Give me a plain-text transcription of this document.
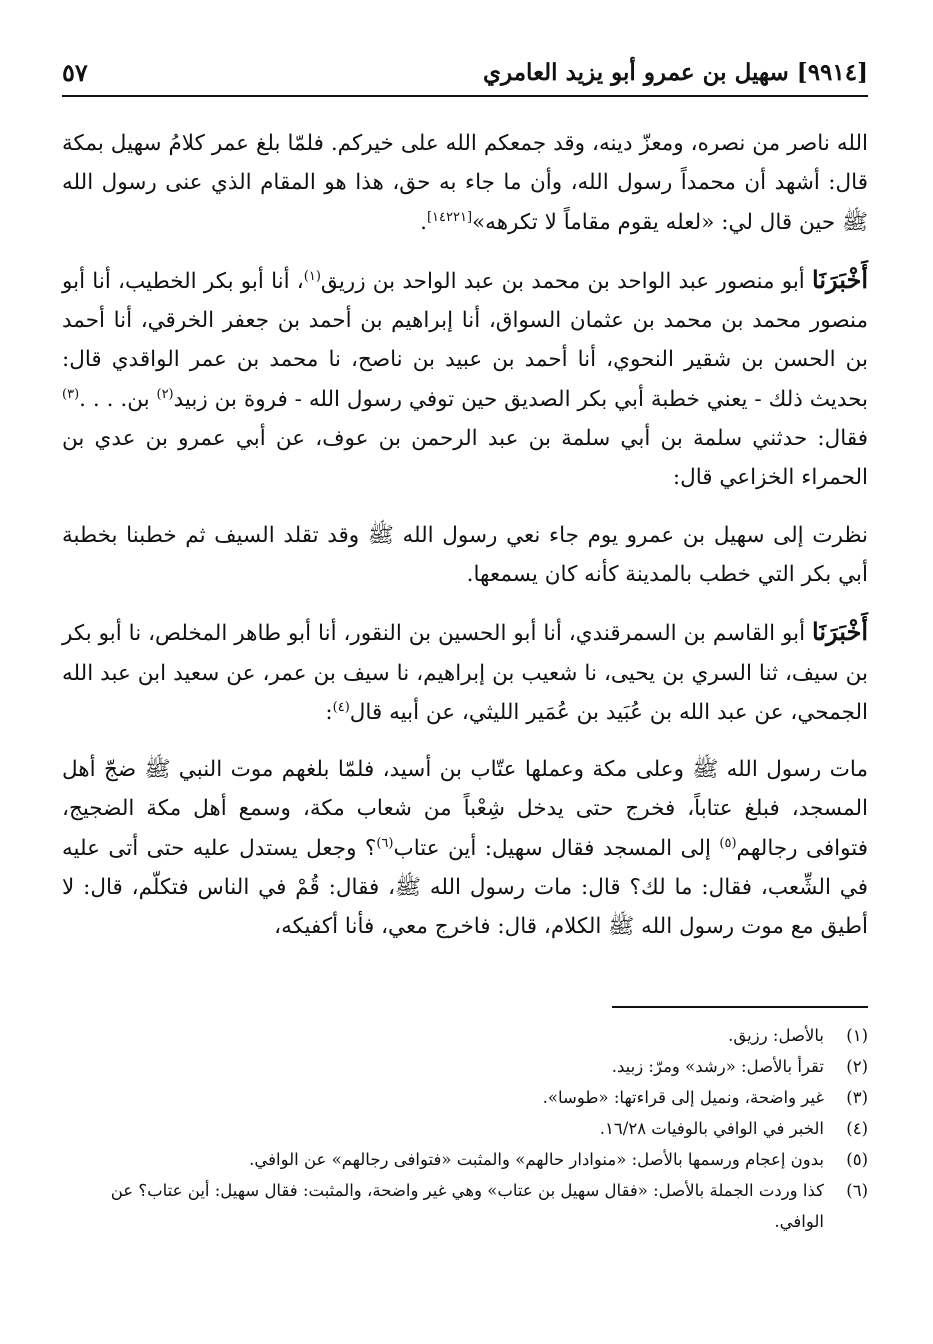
٥٧	[٩٩١٤] سهيل بن عمرو أبو يزيد العامري

الله ناصر من نصره، ومعزّ دينه، وقد جمعكم الله على خيركم. فلمّا بلغ عمر كلامُ سهيل بمكة قال: أشهد أن محمداً رسول الله، وأن ما جاء به حق، هذا هو المقام الذي عنى رسول الله ﷺ حين قال لي: «لعله يقوم مقاماً لا تكرهه»[١٤٢٢١].

أَخْبَرَنَا أبو منصور عبد الواحد بن محمد بن عبد الواحد بن زريق$^{(١)}$، أنا أبو بكر الخطيب، أنا أبو منصور محمد بن محمد بن عثمان السواق، أنا إبراهيم بن أحمد بن جعفر الخرقي، أنا أحمد بن الحسن بن شقير النحوي، أنا أحمد بن عبيد بن ناصح، نا محمد بن عمر الواقدي قال: بحديث ذلك - يعني خطبة أبي بكر الصديق حين توفي رسول الله - فروة بن زبيد$^{(٢)}$ بن. . . .$^{(٣)}$ فقال: حدثني سلمة بن أبي سلمة بن عبد الرحمن بن عوف، عن أبي عمرو بن عدي بن الحمراء الخزاعي قال:

نظرت إلى سهيل بن عمرو يوم جاء نعي رسول الله ﷺ وقد تقلد السيف ثم خطبنا بخطبة أبي بكر التي خطب بالمدينة كأنه كان يسمعها.

أَخْبَرَنَا أبو القاسم بن السمرقندي، أنا أبو الحسين بن النقور، أنا أبو طاهر المخلص، نا أبو بكر بن سيف، ثنا السري بن يحيى، نا شعيب بن إبراهيم، نا سيف بن عمر، عن سعيد ابن عبد الله الجمحي، عن عبد الله بن عُبَيد بن عُمَير الليثي، عن أبيه قال$^{(٤)}$:

مات رسول الله ﷺ وعلى مكة وعملها عتّاب بن أسيد، فلمّا بلغهم موت النبي ﷺ ضجّ أهل المسجد، فبلغ عتاباً، فخرج حتى يدخل شِعْباً من شعاب مكة، وسمع أهل مكة الضجيج، فتوافى رجالهم$^{(٥)}$ إلى المسجد فقال سهيل: أين عتاب$^{(٦)}$؟ وجعل يستدل عليه حتى أتى عليه في الشِّعب، فقال: ما لك؟ قال: مات رسول الله ﷺ، فقال: قُمْ في الناس فتكلّم، قال: لا أطيق مع موت رسول الله ﷺ الكلام، قال: فاخرج معي، فأنا أكفيكه،

(١)
بالأصل: رزيق.
(٢)
تقرأ بالأصل: «رشد» ومرّ: زبيد.
(٣)
غير واضحة، ونميل إلى قراءتها: «طوسا».
(٤)
الخبر في الوافي بالوفيات ١٦/٢٨.
(٥)
بدون إعجام ورسمها بالأصل: «منوادار حالهم» والمثبت «فتوافى رجالهم» عن الوافي.
(٦)
كذا وردت الجملة بالأصل: «فقال سهيل بن عتاب» وهي غير واضحة، والمثبت: فقال سهيل: أين عتاب؟ عن الوافي.
